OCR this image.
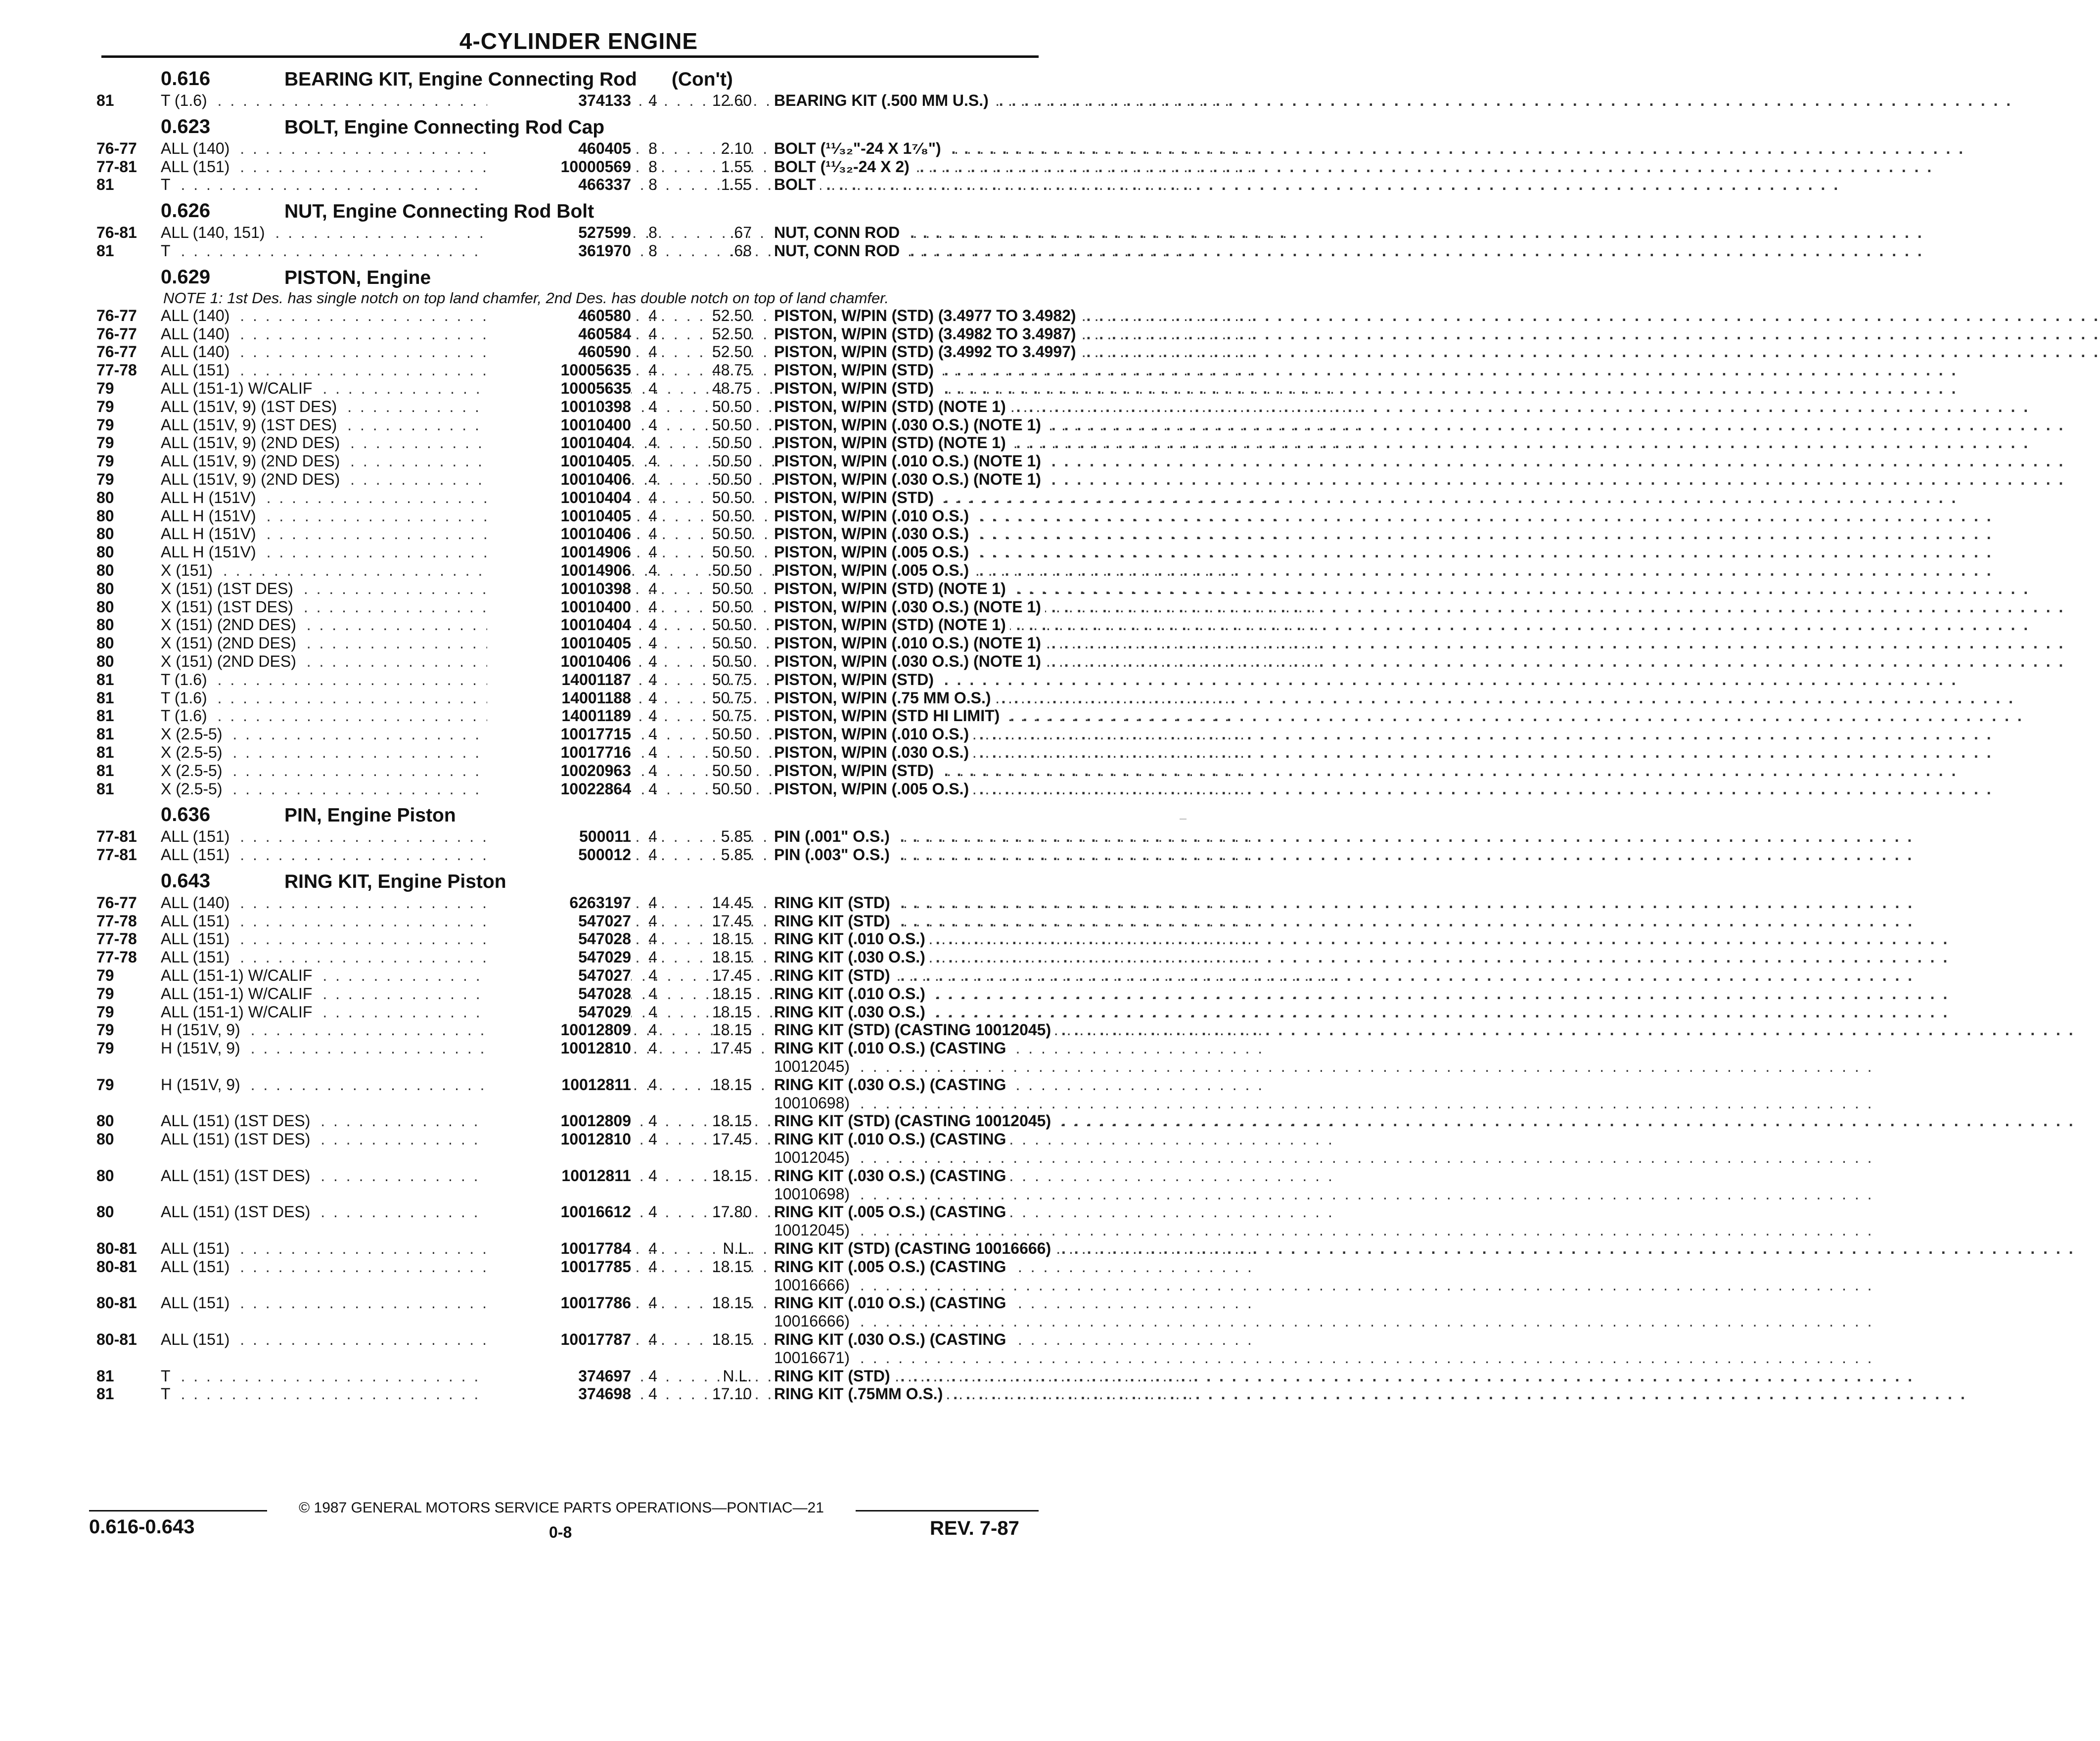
4-CYLINDER ENGINE
0.616	BEARING KIT, Engine Connecting Rod (Con't)
81	T (1.6) . . .	374133	4	12.60 BEARING KIT (.500 MM U.S.) . . .
0.623	BOLT, Engine Connecting Rod Cap
76-77	ALL (140) . . .	460405	8	2.10 BOLT (¹¹⁄₃₂"-24 X 1⁷⁄₈") . . .
77-81	ALL (151) . . .	10000569	8	1.55 BOLT (¹¹⁄₃₂-24 X 2) . . .
81	T . . .	466337	8	1.55 BOLT . . .
0.626	NUT, Engine Connecting Rod Bolt
76-81	ALL (140, 151) . . .	527599	8	.67 NUT, CONN ROD . . .
81	T . . .	361970	8	.68 NUT, CONN ROD . . .
0.629	PISTON, Engine
NOTE 1: 1st Des. has single notch on top land chamfer, 2nd Des. has double notch on top of land chamfer.
76-77	ALL (140) . . .	460580	4	52.50 PISTON, W/PIN (STD) (3.4977 TO 3.4982) . . .
76-77	ALL (140) . . .	460584	4	52.50 PISTON, W/PIN (STD) (3.4982 TO 3.4987) . . .
76-77	ALL (140) . . .	460590	4	52.50 PISTON, W/PIN (STD) (3.4992 TO 3.4997) . . .
77-78	ALL (151) . . .	10005635	4	48.75 PISTON, W/PIN (STD) . . .
79	ALL (151-1) W/CALIF . . .	10005635	4	48.75 PISTON, W/PIN (STD) . . .
79	ALL (151V, 9) (1ST DES) . . .	10010398	4	50.50 PISTON, W/PIN (STD) (NOTE 1) . . .
79	ALL (151V, 9) (1ST DES) . . .	10010400	4	50.50 PISTON, W/PIN (.030 O.S.) (NOTE 1) . . .
79	ALL (151V, 9) (2ND DES) . . .	10010404	4	50.50 PISTON, W/PIN (STD) (NOTE 1) . . .
79	ALL (151V, 9) (2ND DES) . . .	10010405	4	50.50 PISTON, W/PIN (.010 O.S.) (NOTE 1) . . .
79	ALL (151V, 9) (2ND DES) . . .	10010406	4	50.50 PISTON, W/PIN (.030 O.S.) (NOTE 1) . . .
80	ALL H (151V) . . .	10010404	4	50.50 PISTON, W/PIN (STD) . . .
80	ALL H (151V) . . .	10010405	4	50.50 PISTON, W/PIN (.010 O.S.) . . .
80	ALL H (151V) . . .	10010406	4	50.50 PISTON, W/PIN (.030 O.S.) . . .
80	ALL H (151V) . . .	10014906	4	50.50 PISTON, W/PIN (.005 O.S.) . . .
80	X (151) . . .	10014906	4	50.50 PISTON, W/PIN (.005 O.S.) . . .
80	X (151) (1ST DES) . . .	10010398	4	50.50 PISTON, W/PIN (STD) (NOTE 1) . . .
80	X (151) (1ST DES) . . .	10010400	4	50.50 PISTON, W/PIN (.030 O.S.) (NOTE 1) . . .
80	X (151) (2ND DES) . . .	10010404	4	50.50 PISTON, W/PIN (STD) (NOTE 1) . . .
80	X (151) (2ND DES) . . .	10010405	4	50.50 PISTON, W/PIN (.010 O.S.) (NOTE 1) . . .
80	X (151) (2ND DES) . . .	10010406	4	50.50 PISTON, W/PIN (.030 O.S.) (NOTE 1) . . .
81	T (1.6) . . .	14001187	4	50.75 PISTON, W/PIN (STD) . . .
81	T (1.6) . . .	14001188	4	50.75 PISTON, W/PIN (.75 MM O.S.) . . .
81	T (1.6) . . .	14001189	4	50.75 PISTON, W/PIN (STD HI LIMIT) . . .
81	X (2.5-5) . . .	10017715	4	50.50 PISTON, W/PIN (.010 O.S.) . . .
81	X (2.5-5) . . .	10017716	4	50.50 PISTON, W/PIN (.030 O.S.) . . .
81	X (2.5-5) . . .	10020963	4	50.50 PISTON, W/PIN (STD) . . .
81	X (2.5-5) . . .	10022864	4	50.50 PISTON, W/PIN (.005 O.S.) . . .
0.636	PIN, Engine Piston
77-81	ALL (151) . . .	500011	4	5.85 PIN (.001" O.S.) . . .
77-81	ALL (151) . . .	500012	4	5.85 PIN (.003" O.S.) . . .
0.643	RING KIT, Engine Piston
76-77	ALL (140) . . .	6263197	4	14.45 RING KIT (STD) . . .
77-78	ALL (151) . . .	547027	4	17.45 RING KIT (STD) . . .
77-78	ALL (151) . . .	547028	4	18.15 RING KIT (.010 O.S.) . . .
77-78	ALL (151) . . .	547029	4	18.15 RING KIT (.030 O.S.) . . .
79	ALL (151-1) W/CALIF . . .	547027	4	17.45 RING KIT (STD) . . .
79	ALL (151-1) W/CALIF . . .	547028	4	18.15 RING KIT (.010 O.S.) . . .
79	ALL (151-1) W/CALIF . . .	547029	4	18.15 RING KIT (.030 O.S.) . . .
79	H (151V, 9) . . .	10012809	4	18.15 RING KIT (STD) (CASTING 10012045) . . .
79	H (151V, 9) . . .	10012810	4	17.45 RING KIT (.010 O.S.) (CASTING
10012045) . . .
79	H (151V, 9) . . .	10012811	4	18.15 RING KIT (.030 O.S.) (CASTING
10010698) . . .
80	ALL (151) (1ST DES) . . .	10012809	4	18.15 RING KIT (STD) (CASTING 10012045) . . .
80	ALL (151) (1ST DES) . . .	10012810	4	17.45 RING KIT (.010 O.S.) (CASTING
10012045) . . .
80	ALL (151) (1ST DES) . . .	10012811	4	18.15 RING KIT (.030 O.S.) (CASTING
10010698) . . .
80	ALL (151) (1ST DES) . . .	10016612	4	17.80 RING KIT (.005 O.S.) (CASTING
10012045) . . .
80-81	ALL (151) . . .	10017784	4	N.L. RING KIT (STD) (CASTING 10016666) . . .
80-81	ALL (151) . . .	10017785	4	18.15 RING KIT (.005 O.S.) (CASTING
10016666) . . .
80-81	ALL (151) . . .	10017786	4	18.15 RING KIT (.010 O.S.) (CASTING
10016666) . . .
80-81	ALL (151) . . .	10017787	4	18.15 RING KIT (.030 O.S.) (CASTING
10016671) . . .
81	T . . .	374697	4	N.L. RING KIT (STD) . . .
81	T . . .	374698	4	17.10 RING KIT (.75MM O.S.) . . .
© 1987 GENERAL MOTORS SERVICE PARTS OPERATIONS—PONTIAC—21
0.616-0.643	0-8	REV. 7-87
